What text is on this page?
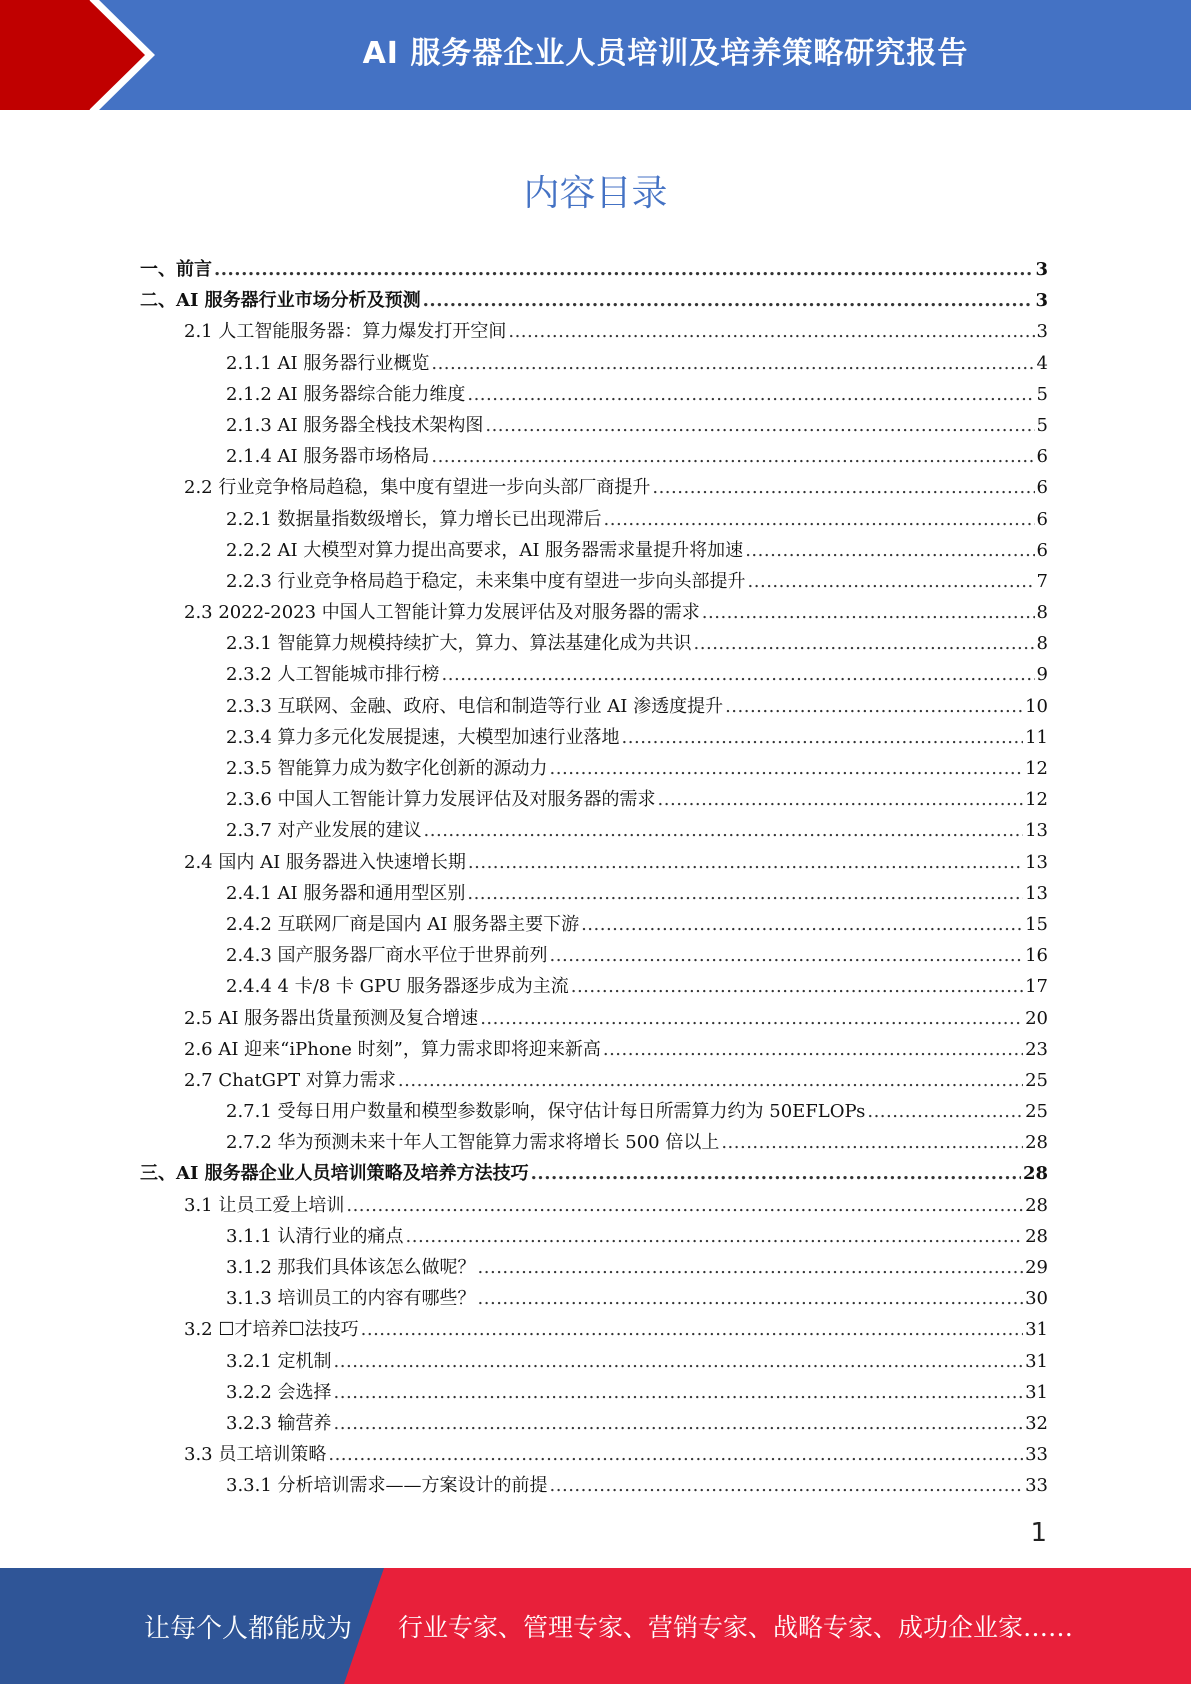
AI 服务器企业人员培训及培养策略研究报告
内容目录
一、前言 .....	3
二、AI 服务器行业市场分析及预测 .....	3
2.1 人工智能服务器：算力爆发打开空间 .....	3
2.1.1 AI 服务器行业概览 .....	4
2.1.2 AI 服务器综合能力维度 .....	5
2.1.3 AI 服务器全栈技术架构图 .....	5
2.1.4 AI 服务器市场格局 .....	6
2.2 行业竞争格局趋稳，集中度有望进一步向头部厂商提升 .....	6
2.2.1 数据量指数级增长，算力增长已出现滞后 .....	6
2.2.2 AI 大模型对算力提出高要求，AI 服务器需求量提升将加速 .....	6
2.2.3 行业竞争格局趋于稳定，未来集中度有望进一步向头部提升 .....	7
2.3 2022-2023 中国人工智能计算力发展评估及对服务器的需求 .....	8
2.3.1 智能算力规模持续扩大，算力、算法基建化成为共识 .....	8
2.3.2 人工智能城市排行榜 .....	9
2.3.3 互联网、金融、政府、电信和制造等行业 AI 渗透度提升 .....	10
2.3.4 算力多元化发展提速，大模型加速行业落地 .....	11
2.3.5 智能算力成为数字化创新的源动力 .....	12
2.3.6 中国人工智能计算力发展评估及对服务器的需求 .....	12
2.3.7 对产业发展的建议 .....	13
2.4 国内 AI 服务器进入快速增长期 .....	13
2.4.1 AI 服务器和通用型区别 .....	13
2.4.2 互联网厂商是国内 AI 服务器主要下游 .....	15
2.4.3 国产服务器厂商水平位于世界前列 .....	16
2.4.4 4 卡/8 卡 GPU 服务器逐步成为主流 .....	17
2.5 AI 服务器出货量预测及复合增速 .....	20
2.6 AI 迎来“iPhone 时刻”，算力需求即将迎来新高 .....	23
2.7 ChatGPT 对算力需求 .....	25
2.7.1 受每日用户数量和模型参数影响，保守估计每日所需算力约为 50EFLOPs .....	25
2.7.2 华为预测未来十年人工智能算力需求将增长 500 倍以上 .....	28
三、AI 服务器企业人员培训策略及培养方法技巧 .....	28
3.1 让员工爱上培训 .....	28
3.1.1 认清行业的痛点 .....	28
3.1.2 那我们具体该怎么做呢？ .....	29
3.1.3 培训员工的内容有哪些？ .....	30
3.2 ☐才培养☐法技巧 .....	31
3.2.1 定机制 .....	31
3.2.2 会选择 .....	31
3.2.3 输营养 .....	32
3.3 员工培训策略 .....	33
3.3.1 分析培训需求——方案设计的前提 .....	33
1
让每个人都能成为 行业专家、管理专家、营销专家、战略专家、成功企业家……
